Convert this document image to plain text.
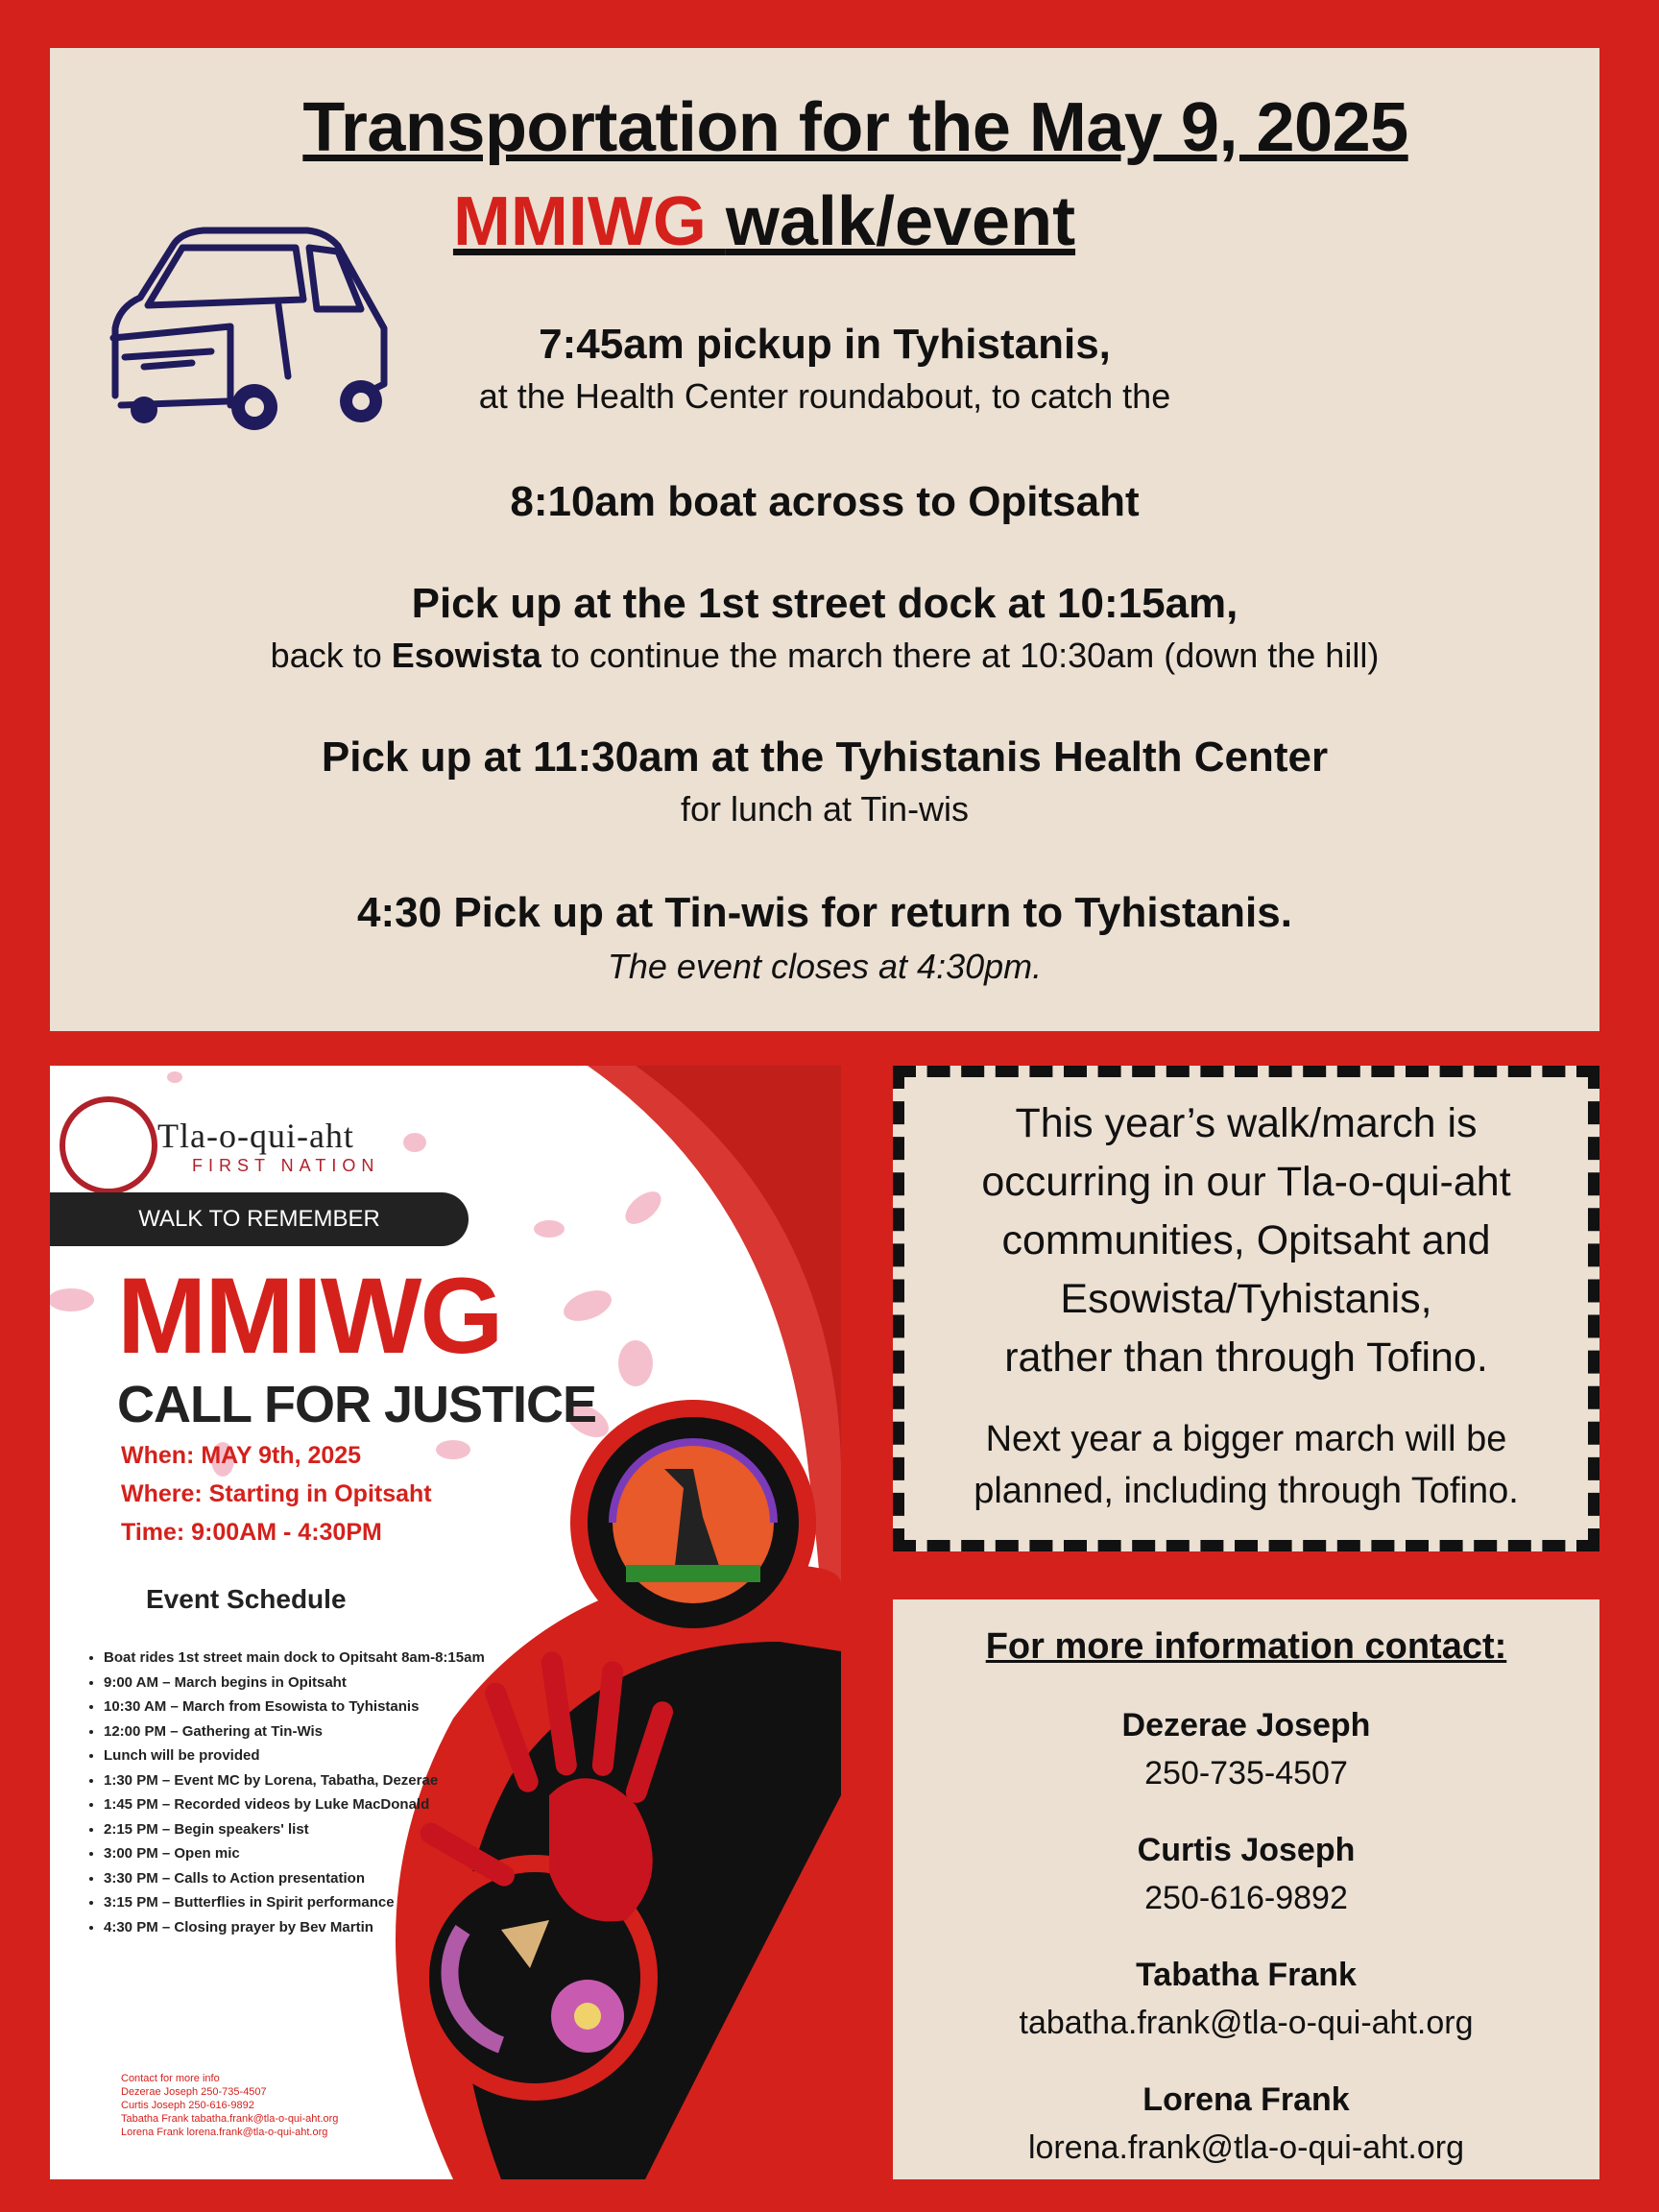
Transportation for the May 9, 2025
MMIWG walk/event
7:45am pickup in Tyhistanis,
at the Health Center roundabout, to catch the
8:10am boat across to Opitsaht
Pick up at the 1st street dock at 10:15am,
back to Esowista to continue the march there at 10:30am (down the hill)
Pick up at 11:30am at the Tyhistanis Health Center
for lunch at Tin-wis
4:30 Pick up at Tin-wis for return to Tyhistanis.
The event closes at 4:30pm.
Tla-o-qui-aht
FIRST NATION
WALK TO REMEMBER
MMIWG
CALL FOR JUSTICE
When: MAY 9th, 2025
Where: Starting in Opitsaht
Time: 9:00AM - 4:30PM
Event Schedule
• Boat rides 1st street main dock to Opitsaht 8am-8:15am
• 9:00 AM – March begins in Opitsaht
• 10:30 AM – March from Esowista to Tyhistanis
• 12:00 PM – Gathering at Tin-Wis
• Lunch will be provided
• 1:30 PM – Event MC by Lorena, Tabatha, Dezerae
• 1:45 PM – Recorded videos by Luke MacDonald
• 2:15 PM – Begin speakers' list
• 3:00 PM – Open mic
• 3:30 PM – Calls to Action presentation
• 3:15 PM – Butterflies in Spirit performance
• 4:30 PM – Closing prayer by Bev Martin
Contact for more info
Dezerae Joseph 250-735-4507
Curtis Joseph 250-616-9892
Tabatha Frank tabatha.frank@tla-o-qui-aht.org
Lorena Frank lorena.frank@tla-o-qui-aht.org
This year’s walk/march is
occurring in our Tla-o-qui-aht
communities, Opitsaht and
Esowista/Tyhistanis,
rather than through Tofino.
Next year a bigger march will be
planned, including through Tofino.
For more information contact:
Dezerae Joseph
250-735-4507
Curtis Joseph
250-616-9892
Tabatha Frank
tabatha.frank@tla-o-qui-aht.org
Lorena Frank
lorena.frank@tla-o-qui-aht.org
